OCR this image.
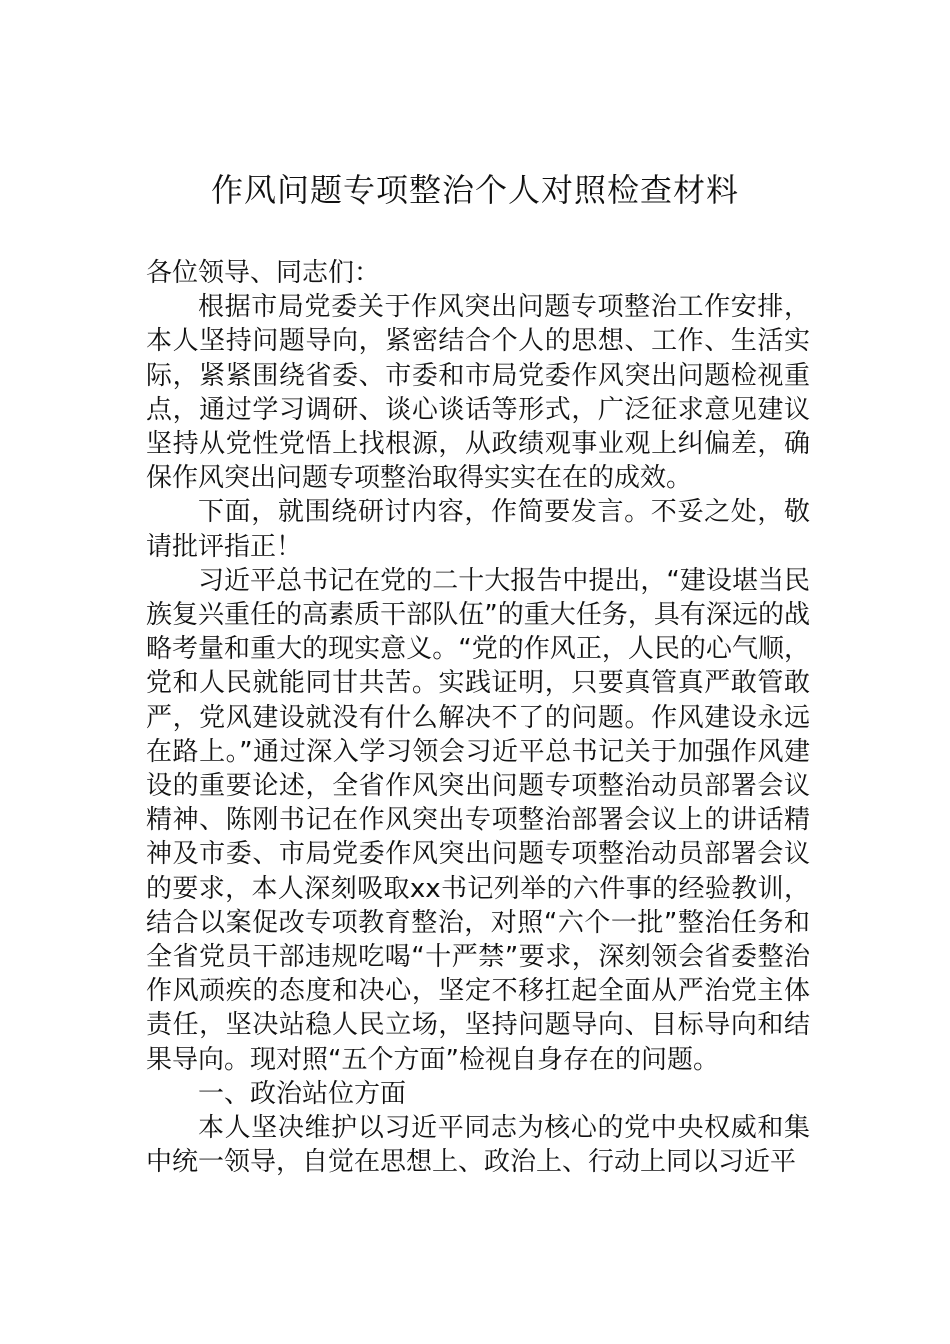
作风问题专项整治个人对照检查材料

各位领导、同志们：

根据市局党委关于作风突出问题专项整治工作安排，本人坚持问题导向，紧密结合个人的思想、工作、生活实际，紧紧围绕省委、市委和市局党委作风突出问题检视重点，通过学习调研、谈心谈话等形式，广泛征求意见建议坚持从党性党悟上找根源，从政绩观事业观上纠偏差，确保作风突出问题专项整治取得实实在在的成效。

下面，就围绕研讨内容，作简要发言。不妥之处，敬请批评指正！

习近平总书记在党的二十大报告中提出，“建设堪当民族复兴重任的高素质干部队伍”的重大任务，具有深远的战略考量和重大的现实意义。“党的作风正，人民的心气顺，党和人民就能同甘共苦。实践证明，只要真管真严敢管敢严，党风建设就没有什么解决不了的问题。作风建设永远在路上。”通过深入学习领会习近平总书记关于加强作风建设的重要论述，全省作风突出问题专项整治动员部署会议精神、陈刚书记在作风突出专项整治部署会议上的讲话精神及市委、市局党委作风突出问题专项整治动员部署会议的要求，本人深刻吸取xx书记列举的六件事的经验教训，结合以案促改专项教育整治，对照“六个一批”整治任务和全省党员干部违规吃喝“十严禁”要求，深刻领会省委整治作风顽疾的态度和决心，坚定不移扛起全面从严治党主体责任，坚决站稳人民立场，坚持问题导向、目标导向和结果导向。现对照“五个方面”检视自身存在的问题。

一、政治站位方面

本人坚决维护以习近平同志为核心的党中央权威和集中统一领导，自觉在思想上、政治上、行动上同以习近平
